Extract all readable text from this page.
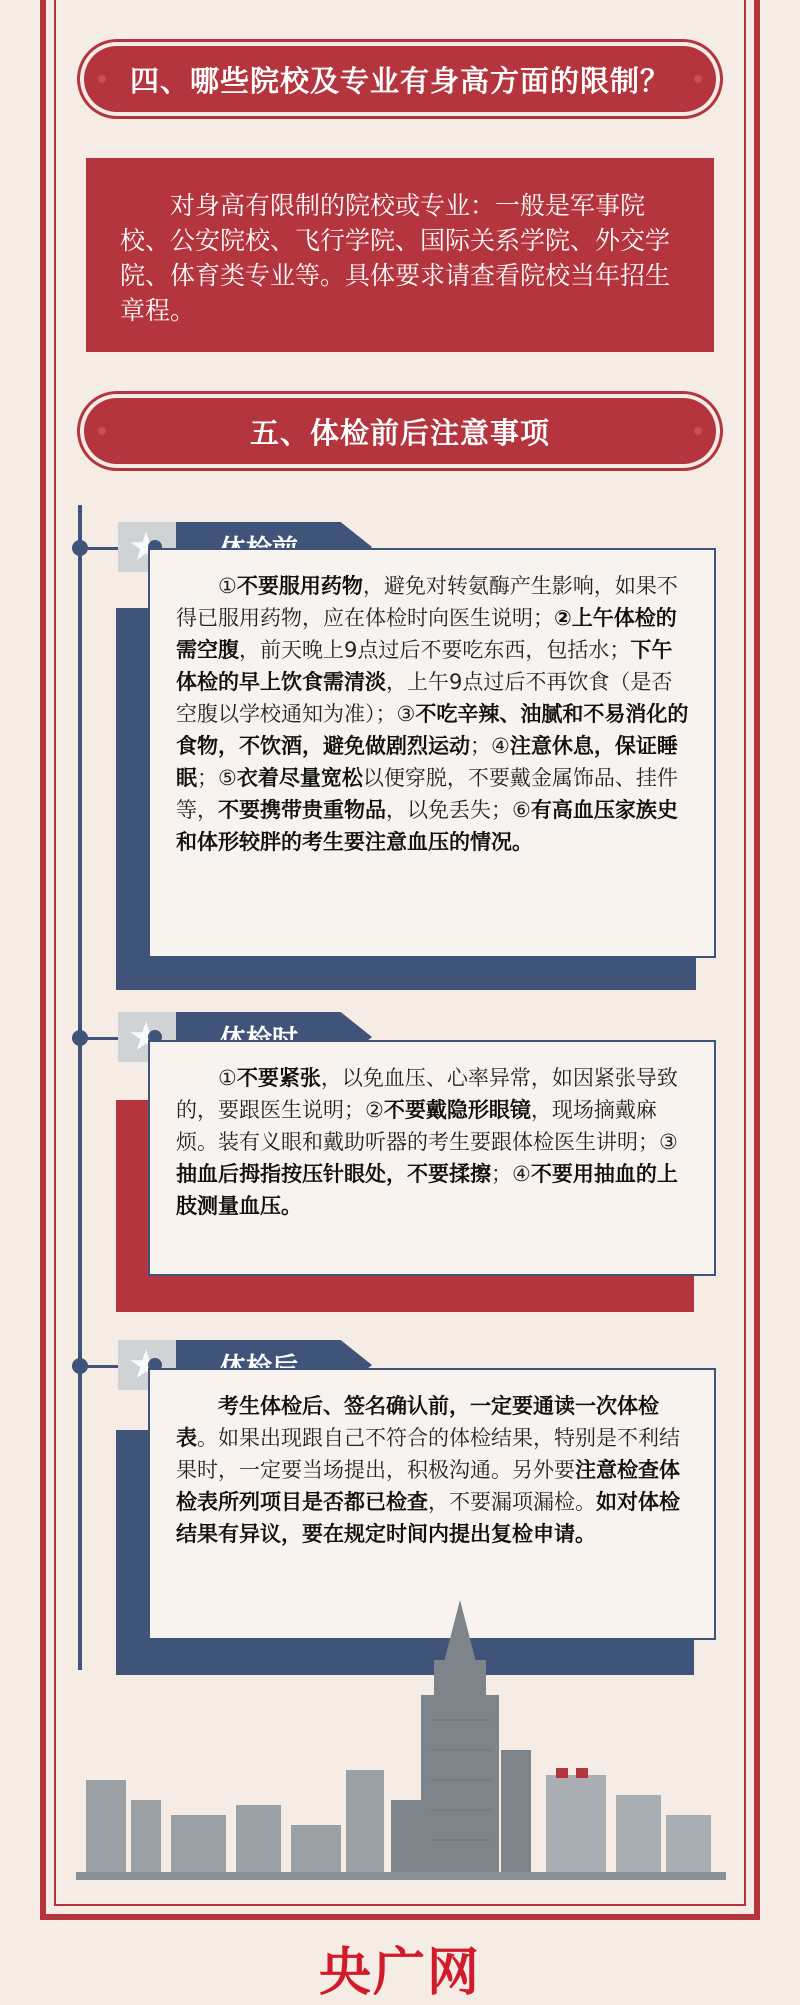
四、哪些院校及专业有身高方面的限制？
对身高有限制的院校或专业：一般是军事院校、公安院校、飞行学院、国际关系学院、外交学院、体育类专业等。具体要求请查看院校当年招生章程。
五、体检前后注意事项

①不要服用药物，避免对转氨酶产生影响，如果不得已服用药物，应在体检时向医生说明；②上午体检的需空腹，前天晚上9点过后不要吃东西，包括水；下午体检的早上饮食需清淡，上午9点过后不再饮食（是否空腹以学校通知为准）；③不吃辛辣、油腻和不易消化的食物，不饮酒，避免做剧烈运动；④注意休息，保证睡眠；⑤衣着尽量宽松以便穿脱，不要戴金属饰品、挂件等，不要携带贵重物品，以免丢失；⑥有高血压家族史和体形较胖的考生要注意血压的情况。

①不要紧张，以免血压、心率异常，如因紧张导致的，要跟医生说明；②不要戴隐形眼镜，现场摘戴麻烦。装有义眼和戴助听器的考生要跟体检医生讲明；③抽血后拇指按压针眼处，不要揉擦；④不要用抽血的上肢测量血压。

考生体检后、签名确认前，一定要通读一次体检表。如果出现跟自己不符合的体检结果，特别是不利结果时，一定要当场提出，积极沟通。另外要注意检查体检表所列项目是否都已检查，不要漏项漏检。如对体检结果有异议，要在规定时间内提出复检申请。

央广网
